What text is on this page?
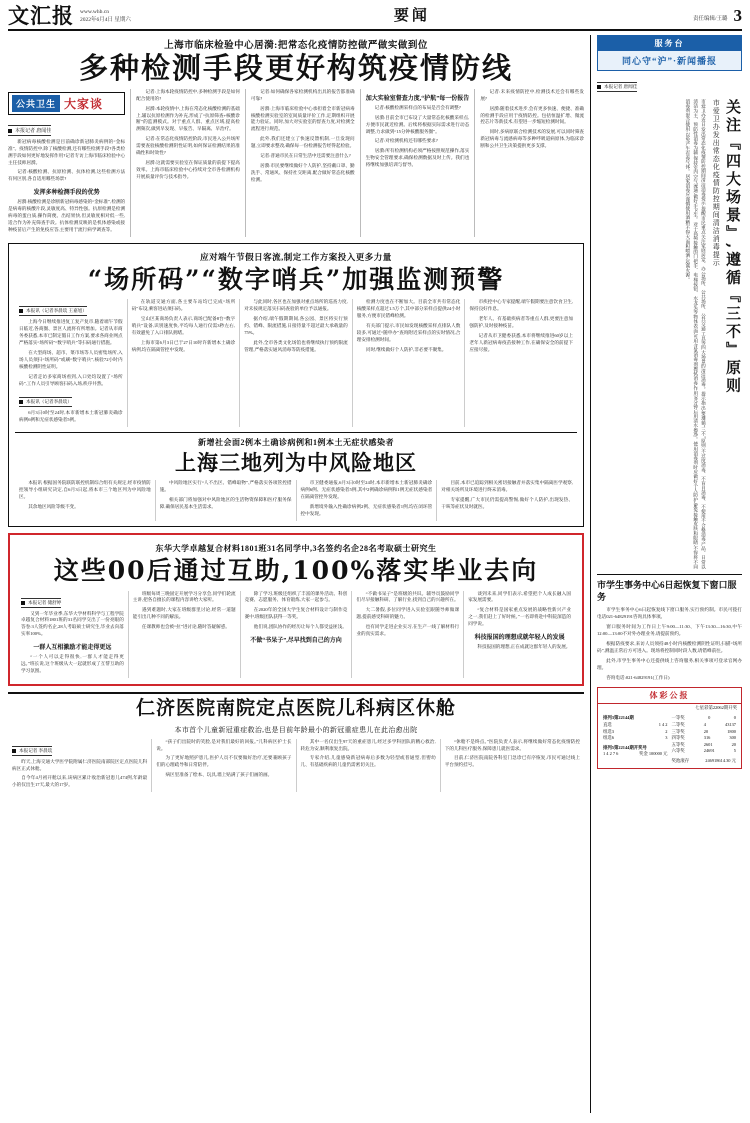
文汇报 www.whb.cn
2022年6月4日 星期六	要闻	责任编辑/王璐 3
上海市临床检验中心居漪:把常态化疫情防控做严做实做到位
多种检测手段更好构筑疫情防线
公共卫生 大家谈
本报记者 唐闻佳

新冠病毒核酸检测是目前确诊新冠肺炎病例的“金标准”。疫情防控中,除了核酸检测,还有哪些检测手段?各类检测手段如何更好地发挥作用?记者专访上海市临床检验中心主任技师居漪。

记者:核酸检测、抗原检测、抗体检测,这些检测方法有何区别,各自适用哪些场景?

发挥多种检测手段的优势

居漪:核酸检测是诊断新冠病毒感染的“金标准”,检测的是病毒的核酸片段,灵敏度高、特异性强。抗原检测是检测病毒的蛋白质,操作简便、出结果快,但灵敏度相对低一些,适合作为补充筛查手段。抗体检测反映的是机体感染或接种疫苗后产生的免疫应答,主要用于流行病学调查等。

记者:上海本轮疫情防控中,多种检测手段是如何配合使用的?

居漪:本轮疫情中,上海在常态化核酸检测的基础上,辅以抗原检测作为补充,形成了“抗原筛查+核酸诊断”的监测模式。对于重点人群、重点区域,提高检测频次,做到早发现、早报告、早隔离、早治疗。

记者:在常态化疫情防控阶段,市民进入公共场所需要查验核酸检测阴性证明,如何保证检测结果的准确性和时效性?

居漪:这就需要实验室在保证质量的前提下提高效率。上海市临床检验中心持续对全市各检测机构开展质量评价与技术指导。

记者:如何确保各家检测机构出具的报告都准确可靠?

居漪:上海市临床检验中心承担着全市新冠病毒核酸检测实验室的室间质量评价工作,定期组织开展能力验证。同时,加大对实验室的督查力度,对检测全流程进行规范。

此外,我们还建立了快速反馈机制,一旦发现问题,立即要求整改,确保每一份检测报告经得起检验。

记者:普通市民在日常生活中还需要注意什么?

居漪:市民要继续做好个人防护,坚持戴口罩、勤洗手、常通风、保持社交距离,配合做好常态化核酸检测。

加大实验室督查力度,“护航”每一份报告

记者:核酸检测采样点的布局是否会有调整?

居漪:目前全市已布设了大量常态化核酸采样点,方便市民就近检测。后续将根据实际需求进行动态调整,力求做到“15分钟核酸服务圈”。

记者:对检测机构还有哪些要求?

居漪:所有检测机构必须严格按照规范操作,落实生物安全管理要求,确保检测数据及时上传。我们也将继续加强培训与督导。

记者:未来疫情防控中,检测技术还会有哪些发展?

居漪:随着技术进步,会有更多快速、便捷、准确的检测手段应用于疫情防控。包括恒温扩增、微流控芯片等新技术,有望进一步缩短检测时间。

同时,多病原联合检测技术的发展,可以同时筛查新冠病毒与流感病毒等多种呼吸道病原体,为临床诊断和公共卫生决策提供更多支撑。

应对端午节假日客流,制定工作方案投入更多力量
“场所码”“数字哨兵”加强监测预警
本报讯（记者李晨琰 王嘉旭）

上海今日继续推进复工复产复市,随着端午节假日临近,各商圈、景区人流将有所增加。记者从市商务委获悉,本市已制定假日工作方案,要求各商业网点严格落实“场所码”“数字哨兵”等扫码通行措施。

在大型商场、超市、菜市场等人员密集场所,入场人员须扫“场所码”或刷“数字哨兵”,核验72小时内核酸检测阴性证明。

记者走访多家商场看到,入口处均设置了“场所码”,工作人员引导顾客扫码入场,秩序井然。

本报讯（记者李晨琰）

6月3日0时至24时,本市新增本土新冠肺炎确诊病例6例和无症状感染者5例。

在轨道交通方面,各主要车站均已完成“场所码”布设,乘客进站须扫码。

宝山区某商场负责人表示,商场已配备8台“数字哨兵”设备,识别速度快,平均每人通行仅需3秒左右,有效避免了入口排队拥堵。

上海市第6月3日已于27日10时许新增本土确诊病例,均在隔离管控中发现。

与此同时,各区也在加强对重点场所的巡查力度,对未按规定落实扫码查验的单位予以通报。

据介绍,端午假期期间,各公园、景区将实行预约、错峰、限流措施,日接待量不超过最大承载量的75%。

此外,全市各类文化场馆也将继续执行预约限流管理,严格落实通风消毒等防疫措施。

检测力度也在不断加大。目前全市共有常态化核酸采样点超过1.5万个,其中部分采样点提供24小时服务,方便市民错峰检测。

有关部门提示,市民如发现核酸采样点排队人数较多,可通过“随申办”查询附近采样点的实时情况,合理安排检测时间。

同时,继续做好个人防护,非必要不聚集。

市疾控中心专家提醒,端午假期要注意饮食卫生,保持良好作息。

老年人、有基础疾病者等重点人群,更要注意加强防护,及时接种疫苗。

记者从市卫健委获悉,本市将继续推进60岁以上老年人新冠病毒疫苗接种工作,在确保安全的前提下应接尽接。

新增社会面2例本土确诊病例和1例本土无症状感染者
上海三地列为中风险地区

本报讯 根据国务院联防联控机制综合组有关规定,经市疫情防控领导小组研究决定,自6月3日起,将本市三个地区列为中风险地区。

其余地区风险等级不变。

中风险地区实行“人不出区、错峰取物”,严格落实各项管控措施。

相关部门将加强对中风险地区的生活物资保障和医疗服务保障,确保居民基本生活需求。

市卫健委通报,6月3日0时至24时,本市新增本土新冠肺炎确诊病例6例、无症状感染者5例,其中2例确诊病例和1例无症状感染者在隔离管控外发现。

新增境外输入性确诊病例2例、无症状感染者1例,均在闭环管控中发现。

目前,本市已追踪到相关密切接触者并落实集中隔离医学观察,对相关场所及环境进行终末消毒。

专家提醒,广大市民仍需提高警惕,做好个人防护,出现发热、干咳等症状及时就医。

东华大学卓越复合材料1801班31名同学中,3名签约名企28名考取硕士研究生
这些00后通过互助,100%落实毕业去向
本报记者 储舒婷

又到一年毕业季,东华大学材料科学与工程学院卓越复合材料1801班的31名同学交出了一份亮眼的答卷:3人签约名企,28人考取硕士研究生,毕业去向落实率100%。

一群人互相激励才能走得更远

“一个人可以走得很快,一群人才能走得更远。”班长说,这个班级从大一起就形成了互帮互助的学习氛围。

班级每周三晚固定开展学习分享会,同学们轮流主讲,把各自擅长的课程内容讲给大家听。

遇到难题时,大家在班级群里讨论,经常一道题能引出几种不同的解法。

任课教师也会被“拉”进讨论,随时答疑解惑。

除了学习,班级还组织了丰富的课外活动。科创竞赛、志愿服务、体育锻炼,大家一起参与。

在2020年的全国大学生复合材料设计与制作竞赛中,班级团队获得一等奖。

他们说,团队协作的经历让每个人都受益匪浅。

不做“书呆子”,尽早找到自己的方向

“不做书呆子”是班级的共识。辅导员鼓励同学们尽早接触科研、了解行业,找到自己的兴趣所在。

大二暑假,多位同学进入实验室跟随导师做课题,提前感受科研的魅力。

也有同学走进企业实习,在生产一线了解材料行业的真实需求。

谈到未来,同学们表示,希望把个人成长融入国家发展需要。

“复合材料是国家重点发展的战略性新兴产业之一,我们赶上了好时候。”一名即将赴中科院深造的同学说。

科技报国的理想成就年轻人的发展

科技报国的理想,正在成就这群年轻人的发展。

仁济医院南院定点医院儿科病区休舱
本市首个儿童新冠重症救治,也是目前年龄最小的新冠重症患儿在此治愈出院
本报记者 李晨琰

昨天,上海交通大学医学院附属仁济医院南部院区定点医院儿科病区正式休舱。

自今年4月初开舱以来,该病区累计收治新冠患儿474例,年龄最小的仅出生17天,最大的17岁。

“孩子们出院时的笑脸,是对我们最好的回报。”儿科病区护士长说。

为了更好地照护患儿,医护人员不仅要做好治疗,还要兼顾孩子们的心理疏导和日常陪伴。

病区里准备了绘本、玩具,墙上贴满了孩子们画的画。

其中一名仅出生97天的重症患儿,经过多学科团队的精心救治,转危为安,顺利康复出院。

专家介绍,儿童感染新冠病毒后多数为轻型或普通型,但婴幼儿、有基础疾病的儿童仍需密切关注。

“休舱不是终点。”医院负责人表示,将继续做好常态化疫情防控下的儿科医疗服务,保障患儿就医需求。

目前,仁济医院南院各科室门急诊已有序恢复,市民可通过线上平台预约挂号。

服务台
同心守“沪”·新闻播报
本报记者 唐闻佳
关注『四大场景』,遵循『三不』原则
市爱卫办发出常态化疫情防控期间清洁消毒提示
市爱卫办近日发出常态化疫情防控期间清洁消毒提示,提醒市民重点关注家庭居室、办公场所、公共场所、公共交通工具等四大场景的清洁消毒。提示指出,要遵循“三不”原则:不过度消毒、不盲目消毒、不使用不合格消毒产品。日常以清洁为主、预防性消毒为辅,保持室内空气流通,做好手卫生。对于高频接触的门把手、电梯按钮、水龙头等物体表面,可用含氯消毒剂擦拭消毒,作用30分钟后用清水擦净。使用消毒剂时应做好个人防护,避免接触皮肤和眼睛,不得将不同消毒剂混合使用,以免产生有毒气体。居家消毒应谨慎使用酒精,不得大面积喷洒,远离火源。
市学生事务中心6日起恢复下窗口服务

市学生事务中心6日起恢复线下窗口服务,实行预约制。市民可拨打电话021-64829191咨询具体事项。

窗口服务时间为工作日上午9:00—11:30、下午13:30—16:30,中午12:00—13:00不对外办理业务,请提前预约。

根据防疫要求,来访人员须持48小时内核酸检测阴性证明,扫描“场所码”,测温正常后方可进入。现场将控制同时段人数,请错峰前往。

此外,市学生事务中心还提供线上咨询服务,相关事项可登录官网办理。

咨询电话:021-64829191(工作日)

体彩公报
七星彩第22062期开奖
排列3第22144期
直选	1 4 2
组选3	2
组选6	3
排列5第22144期开奖号
1 4 2 7 6	奖金 100000 元
一等奖	0	0
二等奖	4	43137
三等奖	20	1800
四等奖	316	300
五等奖	2601	20
六等奖	24691	5
奖池滚存	246918614.30 元
